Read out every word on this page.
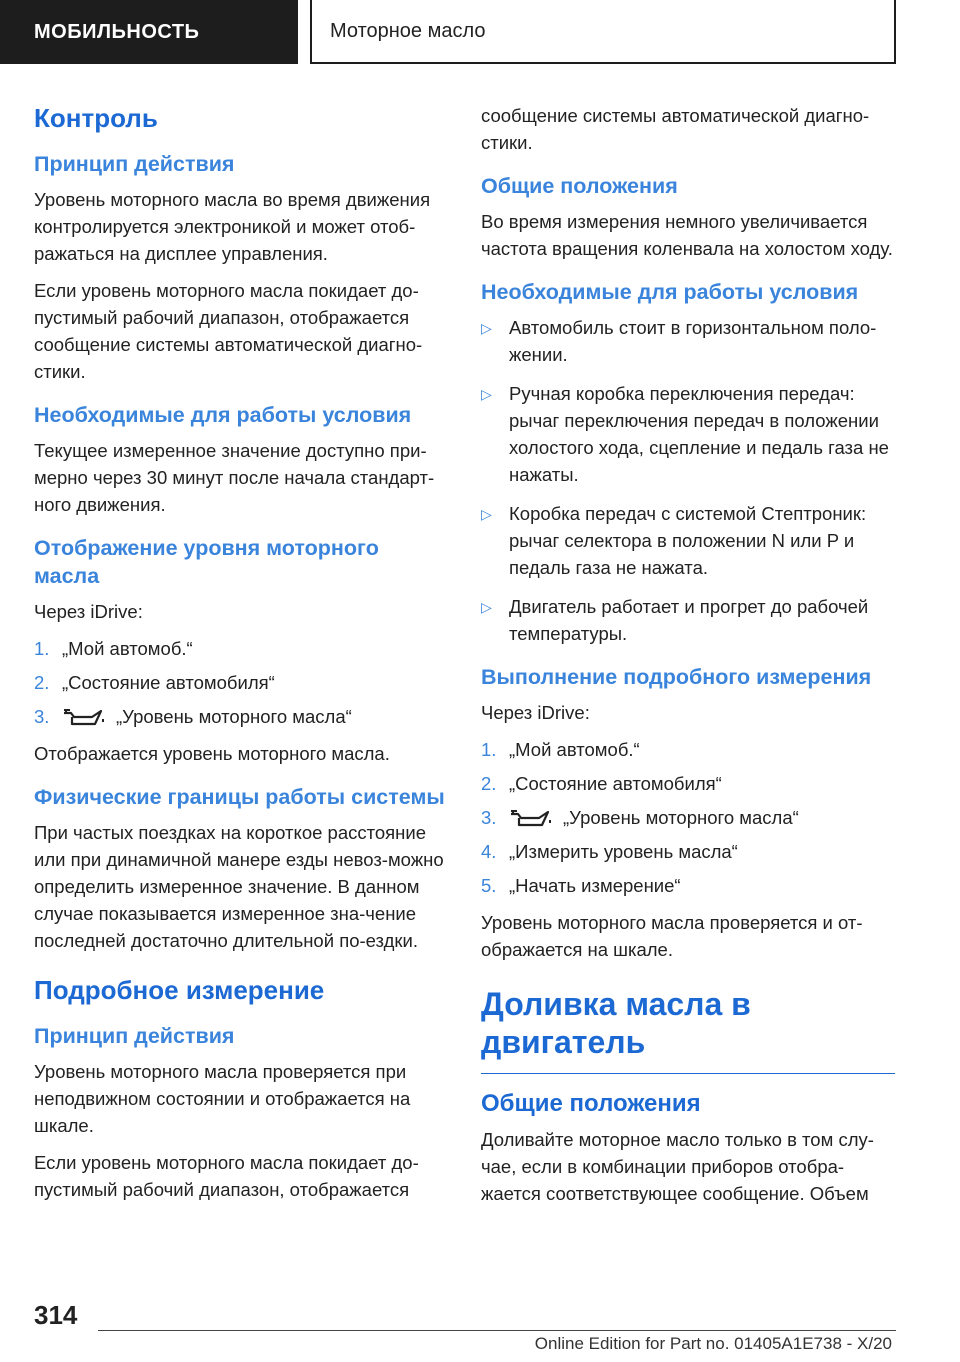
МОБИЛЬНОСТЬ	Моторное масло
Контроль
Принцип действия

Уровень моторного масла во время движения контролируется электроникой и может отоб-ражаться на дисплее управления.

Если уровень моторного масла покидает до-пустимый рабочий диапазон, отображается сообщение системы автоматической диагно-стики.

Необходимые для работы условия

Текущее измеренное значение доступно при-мерно через 30 минут после начала стандарт-ного движения.

Отображение уровня моторного масла

Через iDrive:

1. „Мой автомоб.“
2. „Состояние автомобиля“
3.	„Уровень моторного масла“

Отображается уровень моторного масла.

Физические границы работы системы

При частых поездках на короткое расстояние или при динамичной манере езды невоз-можно определить измеренное значение. В данном случае показывается измеренное зна-чение последней достаточно длительной по-ездки.

Подробное измерение
Принцип действия

Уровень моторного масла проверяется при неподвижном состоянии и отображается на шкале.

Если уровень моторного масла покидает до-пустимый рабочий диапазон, отображается

сообщение системы автоматической диагно-стики.

Общие положения

Во время измерения немного увеличивается частота вращения коленвала на холостом ходу.

Необходимые для работы условия
▷ Автомобиль стоит в горизонтальном поло-жении.
▷ Ручная коробка переключения передач: рычаг переключения передач в положении холостого хода, сцепление и педаль газа не нажаты.
▷ Коробка передач с системой Стептроник: рычаг селектора в положении N или P и педаль газа не нажата.
▷ Двигатель работает и прогрет до рабочей температуры.
Выполнение подробного измерения

Через iDrive:

1. „Мой автомоб.“
2. „Состояние автомобиля“
3.	„Уровень моторного масла“
4. „Измерить уровень масла“
5. „Начать измерение“

Уровень моторного масла проверяется и от-ображается на шкале.

Доливка масла в двигатель
Общие положения

Доливайте моторное масло только в том слу-чае, если в комбинации приборов отобра-жается соответствующее сообщение. Объем

314
Online Edition for Part no. 01405A1E738 - X/20
